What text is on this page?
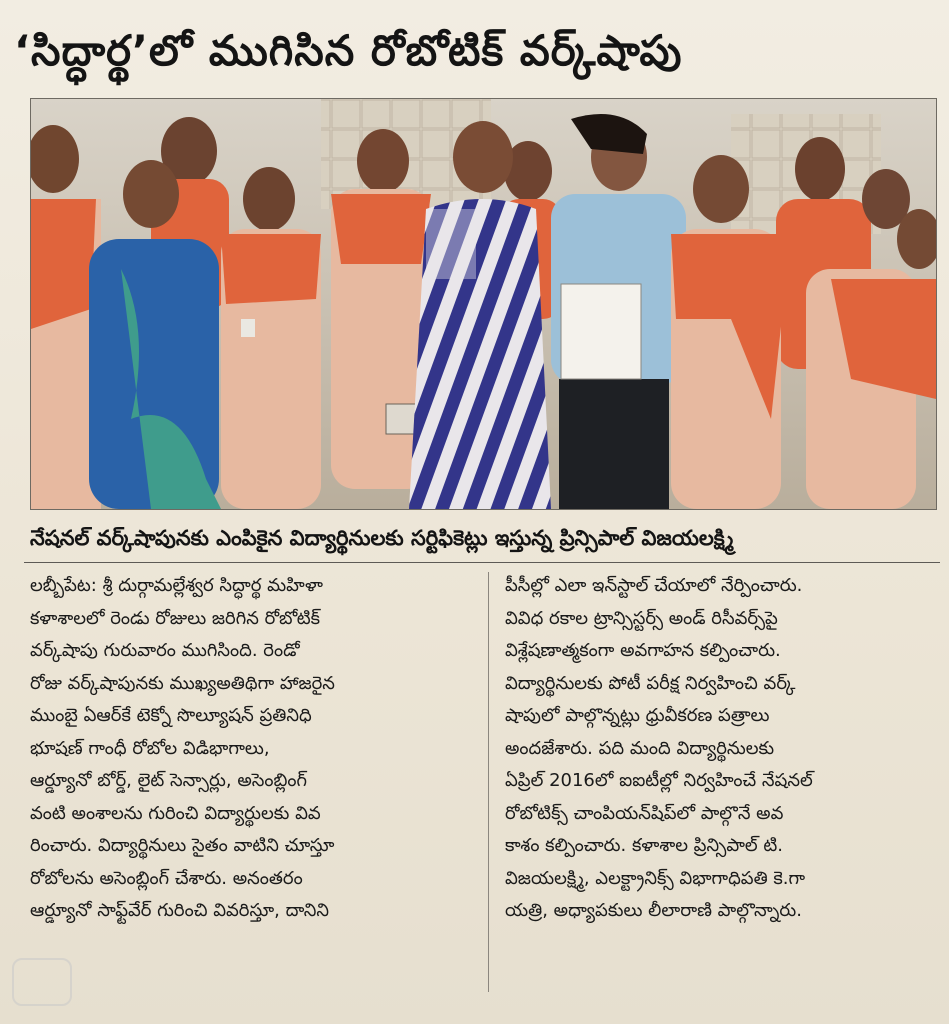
‘సిద్ధార్థ’లో ముగిసిన రోబోటిక్ వర్క్‌షాపు
నేషనల్ వర్క్‌షాపునకు ఎంపికైన విద్యార్థినులకు సర్టిఫికెట్లు ఇస్తున్న ప్రిన్సిపాల్ విజయలక్ష్మి
లబ్బీపేట: శ్రీ దుర్గామల్లేశ్వర సిద్ధార్థ మహిళా
కళాశాలలో రెండు రోజులు జరిగిన రోబోటిక్
వర్క్‌షాపు గురువారం ముగిసింది. రెండో
రోజు వర్క్‌షాపునకు ముఖ్యఅతిథిగా హాజరైన
ముంబై ఏఆర్‌కే టెక్నో సొల్యూషన్ ప్రతినిధి
భూషణ్ గాంధీ రోబోల విడిభాగాలు,
ఆర్డ్యూనో బోర్డ్, లైట్ సెన్సార్లు, అసెంబ్లింగ్
వంటి అంశాలను గురించి విద్యార్థులకు వివ
రించారు. విద్యార్థినులు సైతం వాటిని చూస్తూ
రోబోలను అసెంబ్లింగ్ చేశారు. అనంతరం
ఆర్డ్యూనో సాఫ్ట్‌వేర్ గురించి వివరిస్తూ, దానిని
పీసీల్లో ఎలా ఇన్‌స్టాల్ చేయాలో నేర్పించారు.
వివిధ రకాల ట్రాన్సిస్టర్స్ అండ్ రిసీవర్స్‌పై
విశ్లేషణాత్మకంగా అవగాహన కల్పించారు.
విద్యార్థినులకు పోటీ పరీక్ష నిర్వహించి వర్క్
షాపులో పాల్గొన్నట్లు ధ్రువీకరణ పత్రాలు
అందజేశారు. పది మంది విద్యార్థినులకు
ఏప్రిల్ 2016లో ఐఐటీల్లో నిర్వహించే నేషనల్
రోబోటిక్స్ చాంపియన్‌షిప్‌లో పాల్గొనే అవ
కాశం కల్పించారు. కళాశాల ప్రిన్సిపాల్ టి.
విజయలక్ష్మి, ఎలక్ట్రానిక్స్ విభాగాధిపతి కె.గా
యత్రి, అధ్యాపకులు లీలారాణి పాల్గొన్నారు.
